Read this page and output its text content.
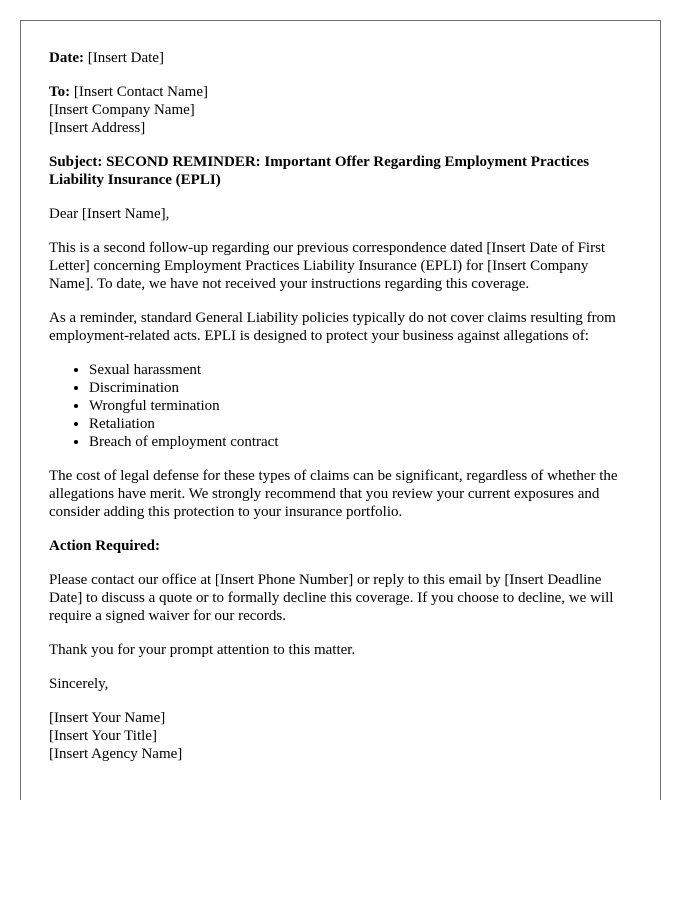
Date: [Insert Date]

To: [Insert Contact Name]
[Insert Company Name]
[Insert Address]

Subject: SECOND REMINDER: Important Offer Regarding Employment Practices Liability Insurance (EPLI)

Dear [Insert Name],

This is a second follow-up regarding our previous correspondence dated [Insert Date of First Letter] concerning Employment Practices Liability Insurance (EPLI) for [Insert Company Name]. To date, we have not received your instructions regarding this coverage.

As a reminder, standard General Liability policies typically do not cover claims resulting from employment-related acts. EPLI is designed to protect your business against allegations of:

• Sexual harassment
• Discrimination
• Wrongful termination
• Retaliation
• Breach of employment contract

The cost of legal defense for these types of claims can be significant, regardless of whether the allegations have merit. We strongly recommend that you review your current exposures and consider adding this protection to your insurance portfolio.

Action Required:

Please contact our office at [Insert Phone Number] or reply to this email by [Insert Deadline Date] to discuss a quote or to formally decline this coverage. If you choose to decline, we will require a signed waiver for our records.

Thank you for your prompt attention to this matter.

Sincerely,

[Insert Your Name]
[Insert Your Title]
[Insert Agency Name]
